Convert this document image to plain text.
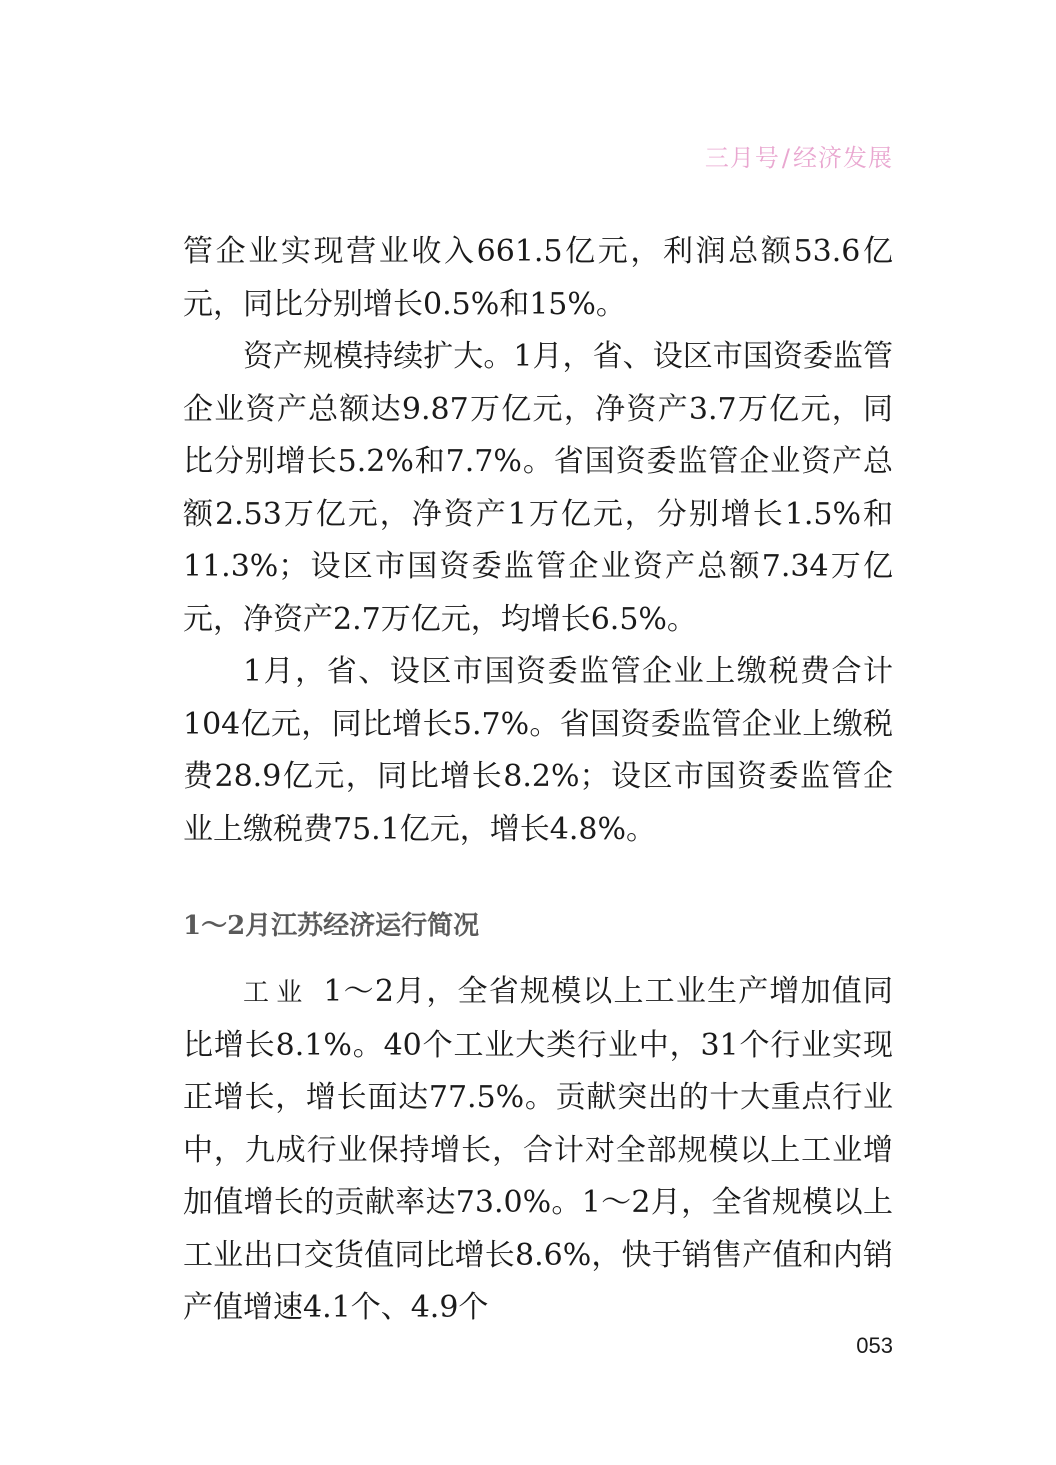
三月号/经济发展

管企业实现营业收入661.5亿元，利润总额53.6亿元，同比分别增长0.5%和15%。

资产规模持续扩大。1月，省、设区市国资委监管企业资产总额达9.87万亿元，净资产3.7万亿元，同比分别增长5.2%和7.7%。省国资委监管企业资产总额2.53万亿元，净资产1万亿元，分别增长1.5%和11.3%；设区市国资委监管企业资产总额7.34万亿元，净资产2.7万亿元，均增长6.5%。

1月，省、设区市国资委监管企业上缴税费合计104亿元，同比增长5.7%。省国资委监管企业上缴税费28.9亿元，同比增长8.2%；设区市国资委监管企业上缴税费75.1亿元，增长4.8%。

1～2月江苏经济运行简况

工业 1～2月，全省规模以上工业生产增加值同比增长8.1%。40个工业大类行业中，31个行业实现正增长，增长面达77.5%。贡献突出的十大重点行业中，九成行业保持增长，合计对全部规模以上工业增加值增长的贡献率达73.0%。1～2月，全省规模以上工业出口交货值同比增长8.6%，快于销售产值和内销产值增速4.1个、4.9个

053
